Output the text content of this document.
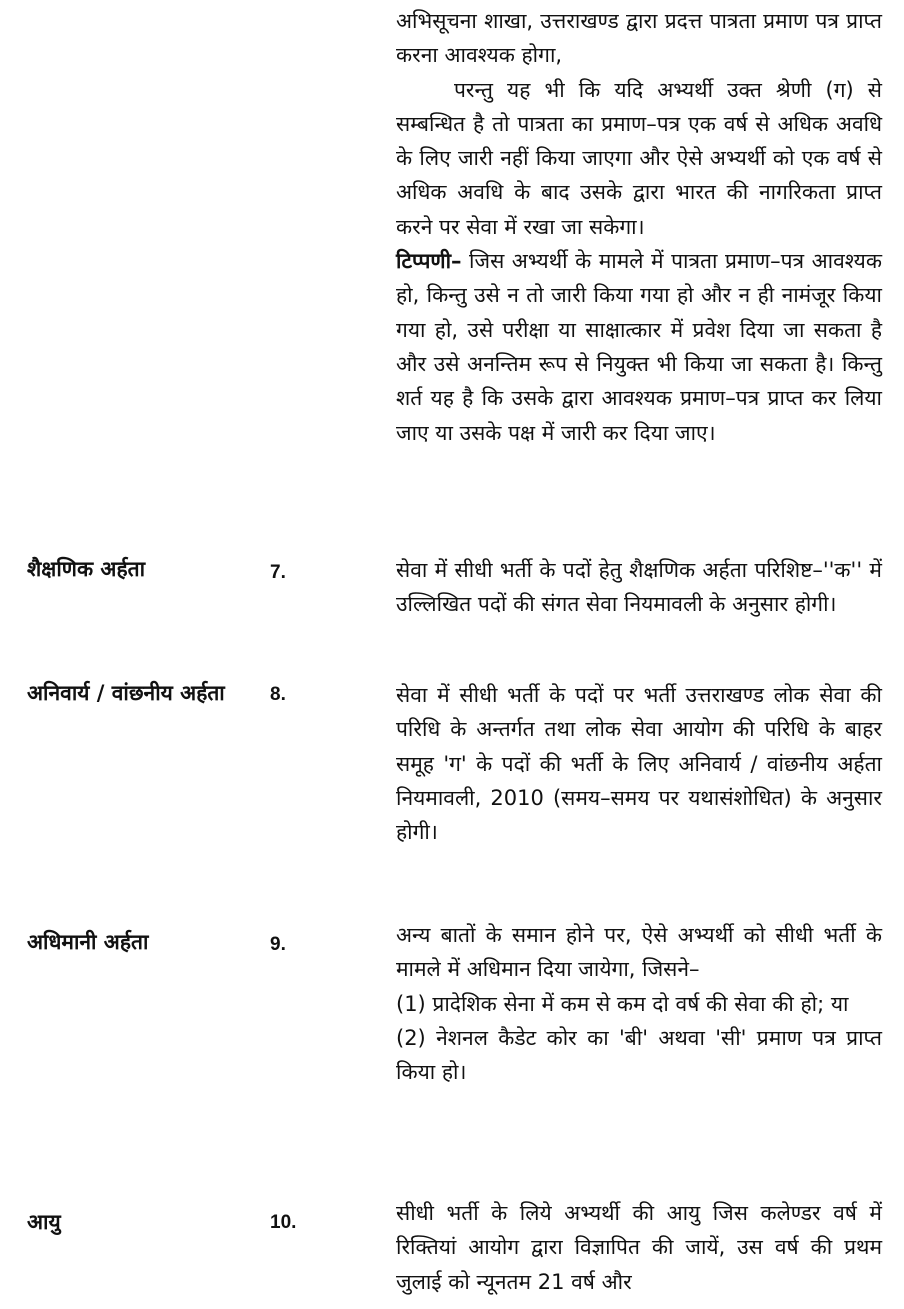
अभिसूचना शाखा, उत्तराखण्ड द्वारा प्रदत्त पात्रता प्रमाण पत्र प्राप्त करना आवश्यक होगा,

परन्तु यह भी कि यदि अभ्यर्थी उक्त श्रेणी (ग) से सम्बन्धित है तो पात्रता का प्रमाण–पत्र एक वर्ष से अधिक अवधि के लिए जारी नहीं किया जाएगा और ऐसे अभ्यर्थी को एक वर्ष से अधिक अवधि के बाद उसके द्वारा भारत की नागरिकता प्राप्त करने पर सेवा में रखा जा सकेगा।

टिप्पणी– जिस अभ्यर्थी के मामले में पात्रता प्रमाण–पत्र आवश्यक हो, किन्तु उसे न तो जारी किया गया हो और न ही नामंजूर किया गया हो, उसे परीक्षा या साक्षात्कार में प्रवेश दिया जा सकता है और उसे अनन्तिम रूप से नियुक्त भी किया जा सकता है। किन्तु शर्त यह है कि उसके द्वारा आवश्यक प्रमाण–पत्र प्राप्त कर लिया जाए या उसके पक्ष में जारी कर दिया जाए।

शैक्षणिक अर्हता	7.	सेवा में सीधी भर्ती के पदों हेतु शैक्षणिक अर्हता परिशिष्ट–''क'' में उल्लिखित पदों की संगत सेवा नियमावली के अनुसार होगी।

अनिवार्य / वांछनीय अर्हता 8.	सेवा में सीधी भर्ती के पदों पर भर्ती उत्तराखण्ड लोक सेवा की परिधि के अन्तर्गत तथा लोक सेवा आयोग की परिधि के बाहर समूह 'ग' के पदों की भर्ती के लिए अनिवार्य / वांछनीय अर्हता नियमावली, 2010 (समय–समय पर यथासंशोधित) के अनुसार होगी।

अधिमानी अर्हता	9.	अन्य बातों के समान होने पर, ऐसे अभ्यर्थी को सीधी भर्ती के मामले में अधिमान दिया जायेगा, जिसने–

(1) प्रादेशिक सेना में कम से कम दो वर्ष की सेवा की हो; या

(2) नेशनल कैडेट कोर का 'बी' अथवा 'सी' प्रमाण पत्र प्राप्त किया हो।

आयु	10.	सीधी भर्ती के लिये अभ्यर्थी की आयु जिस कलेण्डर वर्ष में रिक्तियां आयोग द्वारा विज्ञापित की जायें, उस वर्ष की प्रथम जुलाई को न्यूनतम 21 वर्ष और
